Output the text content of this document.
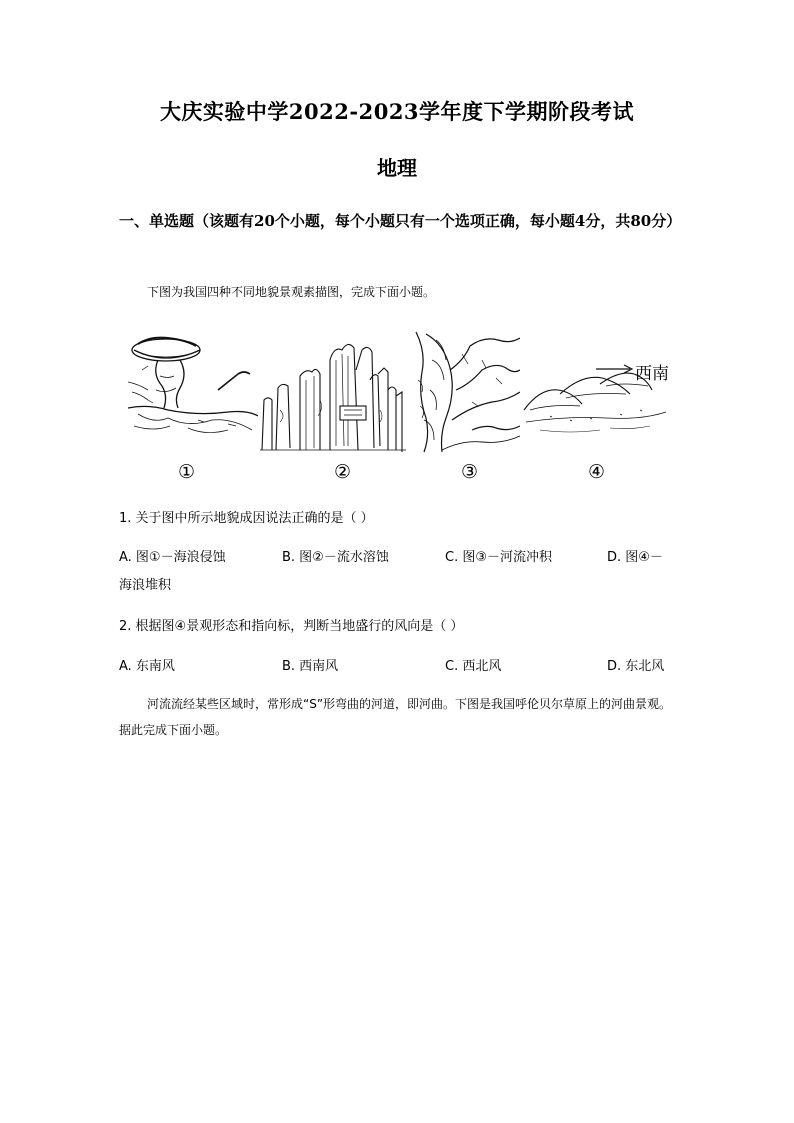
大庆实验中学2022-2023学年度下学期阶段考试
地理
一、单选题（该题有20个小题，每个小题只有一个选项正确，每小题4分，共80分）
下图为我国四种不同地貌景观素描图，完成下面小题。
西南
①	②	③	④
1. 关于图中所示地貌成因说法正确的是（ ）
A. 图①－海浪侵蚀	B. 图②－流水溶蚀	C. 图③－河流冲积	D. 图④－
海浪堆积
2. 根据图④景观形态和指向标，判断当地盛行的风向是（ ）
A. 东南风	B. 西南风	C. 西北风	D. 东北风
河流流经某些区域时，常形成“S”形弯曲的河道，即河曲。下图是我国呼伦贝尔草原上的河曲景观。据此完成下面小题。
